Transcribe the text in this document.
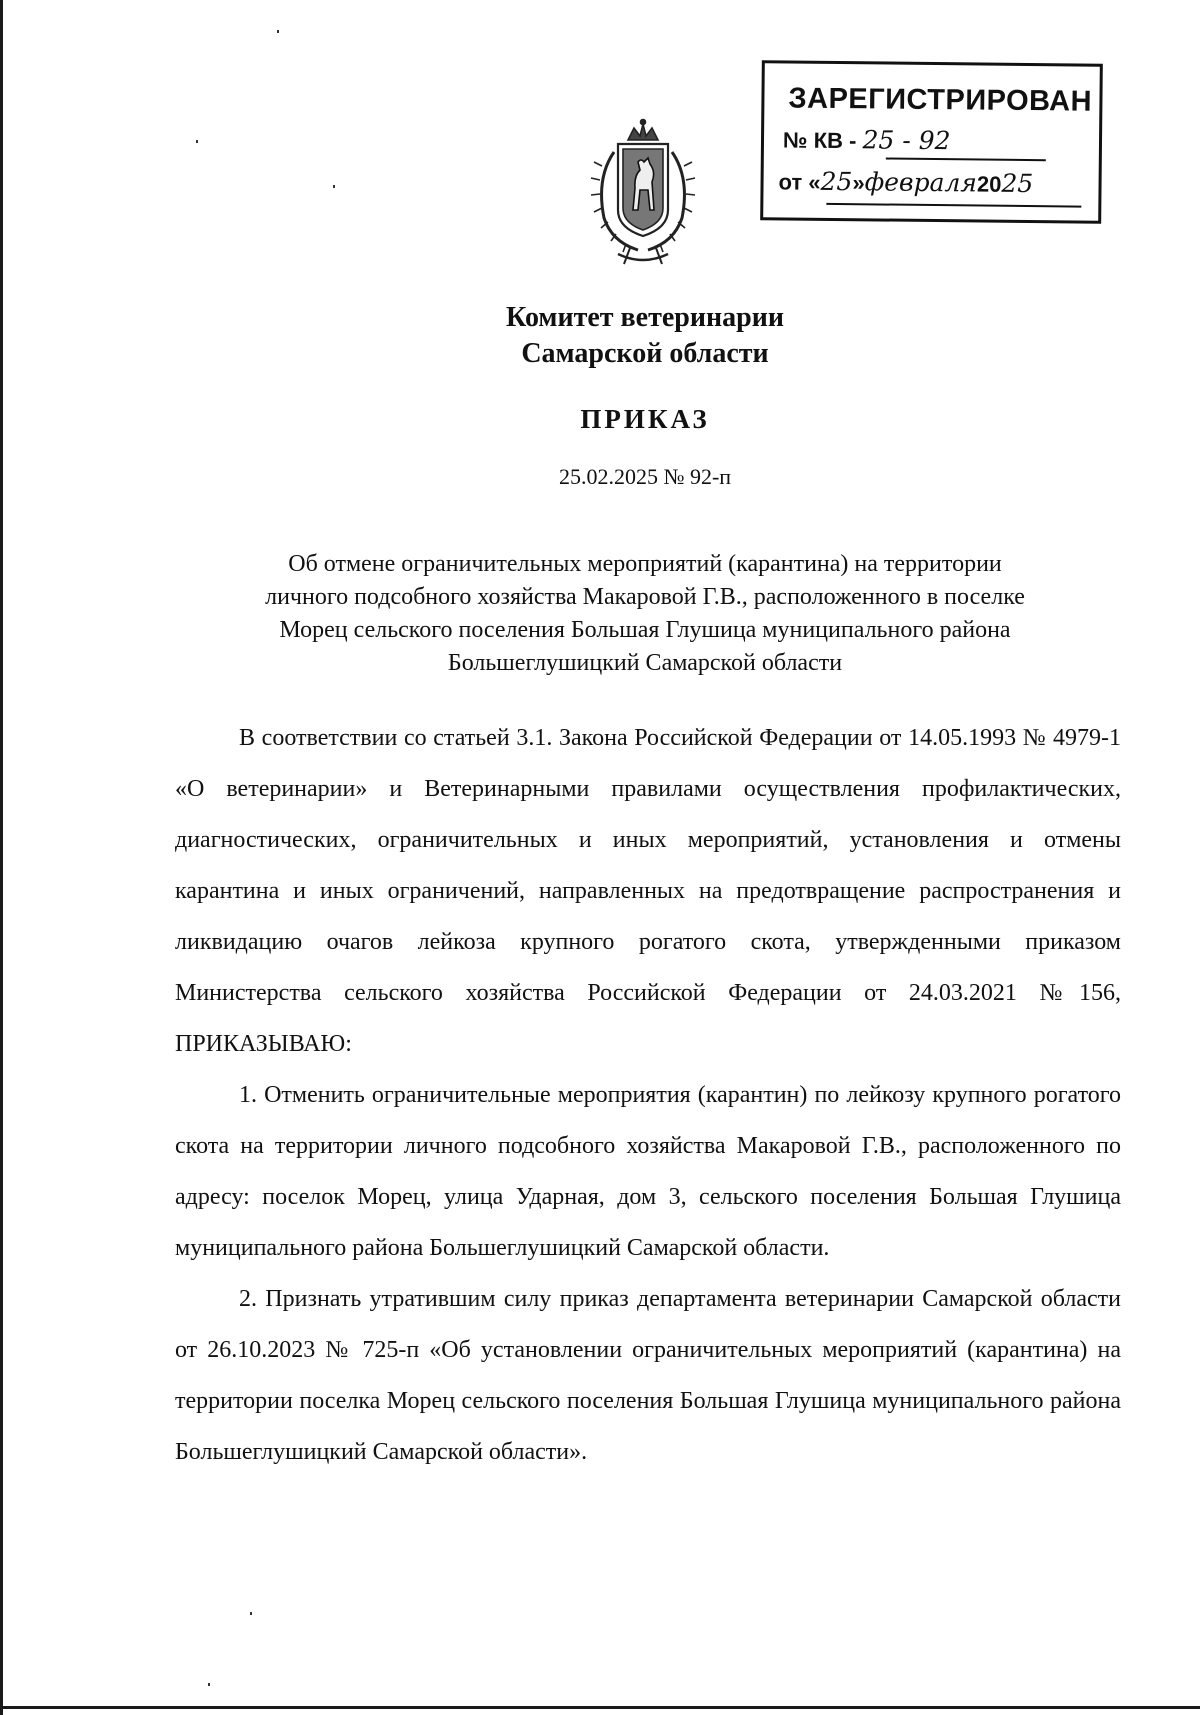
ЗАРЕГИСТРИРОВАН
№ КВ - 25 - 92
от «25»февраля2025
Комитет ветеринарии
Самарской области
ПРИКАЗ
25.02.2025 № 92-п
Об отмене ограничительных мероприятий (карантина) на территории
личного подсобного хозяйства Макаровой Г.В., расположенного в поселке
Морец сельского поселения Большая Глушица муниципального района
Большеглушицкий Самарской области

В соответствии со статьей 3.1. Закона Российской Федерации от 14.05.1993 № 4979-1 «О ветеринарии» и Ветеринарными правилами осуществления профилактических, диагностических, ограничительных и иных мероприятий, установления и отмены карантина и иных ограничений, направленных на предотвращение распространения и ликвидацию очагов лейкоза крупного рогатого скота, утвержденными приказом Министерства сельского хозяйства Российской Федерации от 24.03.2021 №156, ПРИКАЗЫВАЮ:

1. Отменить ограничительные мероприятия (карантин) по лейкозу крупного рогатого скота на территории личного подсобного хозяйства Макаровой Г.В., расположенного по адресу: поселок Морец, улица Ударная, дом 3, сельского поселения Большая Глушица муниципального района Большеглушицкий Самарской области.

2. Признать утратившим силу приказ департамента ветеринарии Самарской области от 26.10.2023 № 725-п «Об установлении ограничительных мероприятий (карантина) на территории поселка Морец сельского поселения Большая Глушица муниципального района Большеглушицкий Самарской области».
